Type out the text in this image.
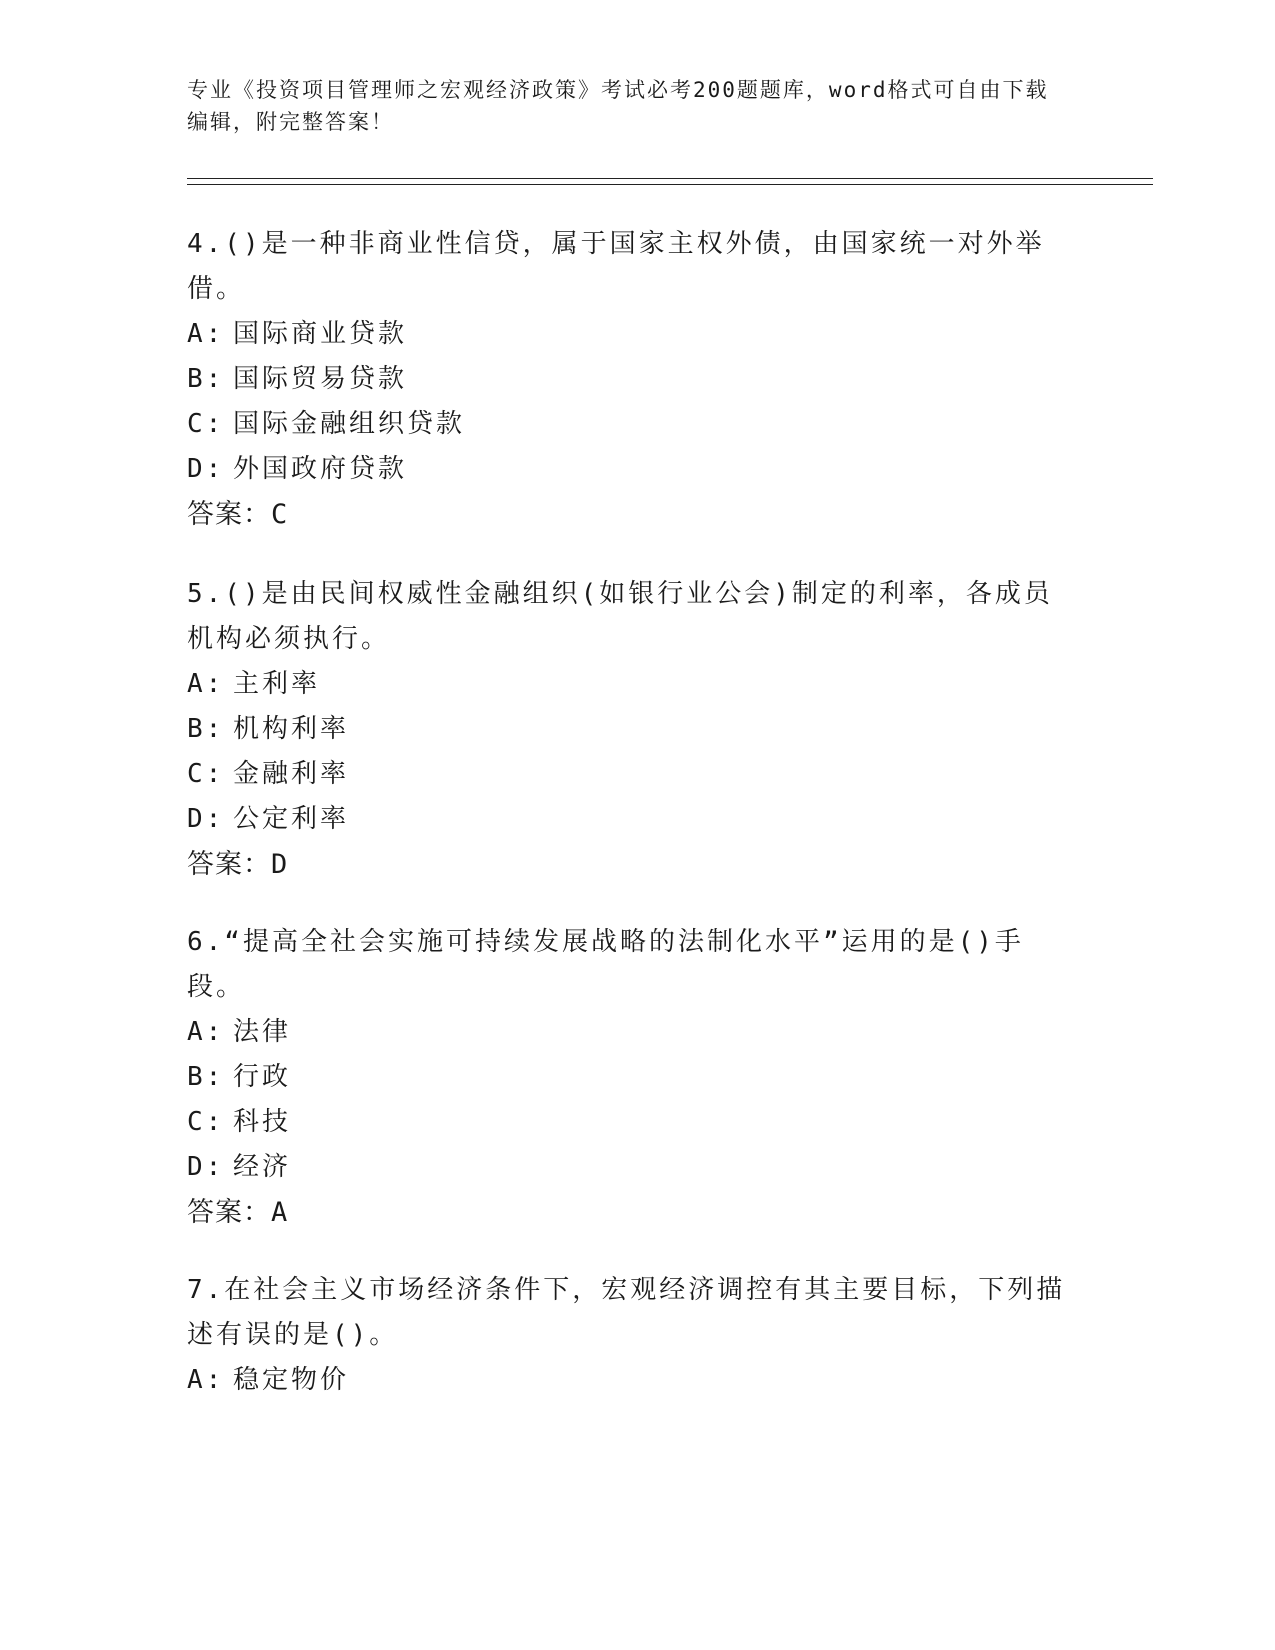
专业《投资项目管理师之宏观经济政策》考试必考200题题库，word格式可自由下载编辑，附完整答案！
4.()是一种非商业性信贷，属于国家主权外债，由国家统一对外举借。
A: 国际商业贷款
B: 国际贸易贷款
C: 国际金融组织贷款
D: 外国政府贷款
答案：C
5.()是由民间权威性金融组织(如银行业公会)制定的利率，各成员机构必须执行。
A: 主利率
B: 机构利率
C: 金融利率
D: 公定利率
答案：D
6.“提高全社会实施可持续发展战略的法制化水平”运用的是()手段。
A: 法律
B: 行政
C: 科技
D: 经济
答案：A
7.在社会主义市场经济条件下，宏观经济调控有其主要目标，下列描述有误的是()。
A: 稳定物价
